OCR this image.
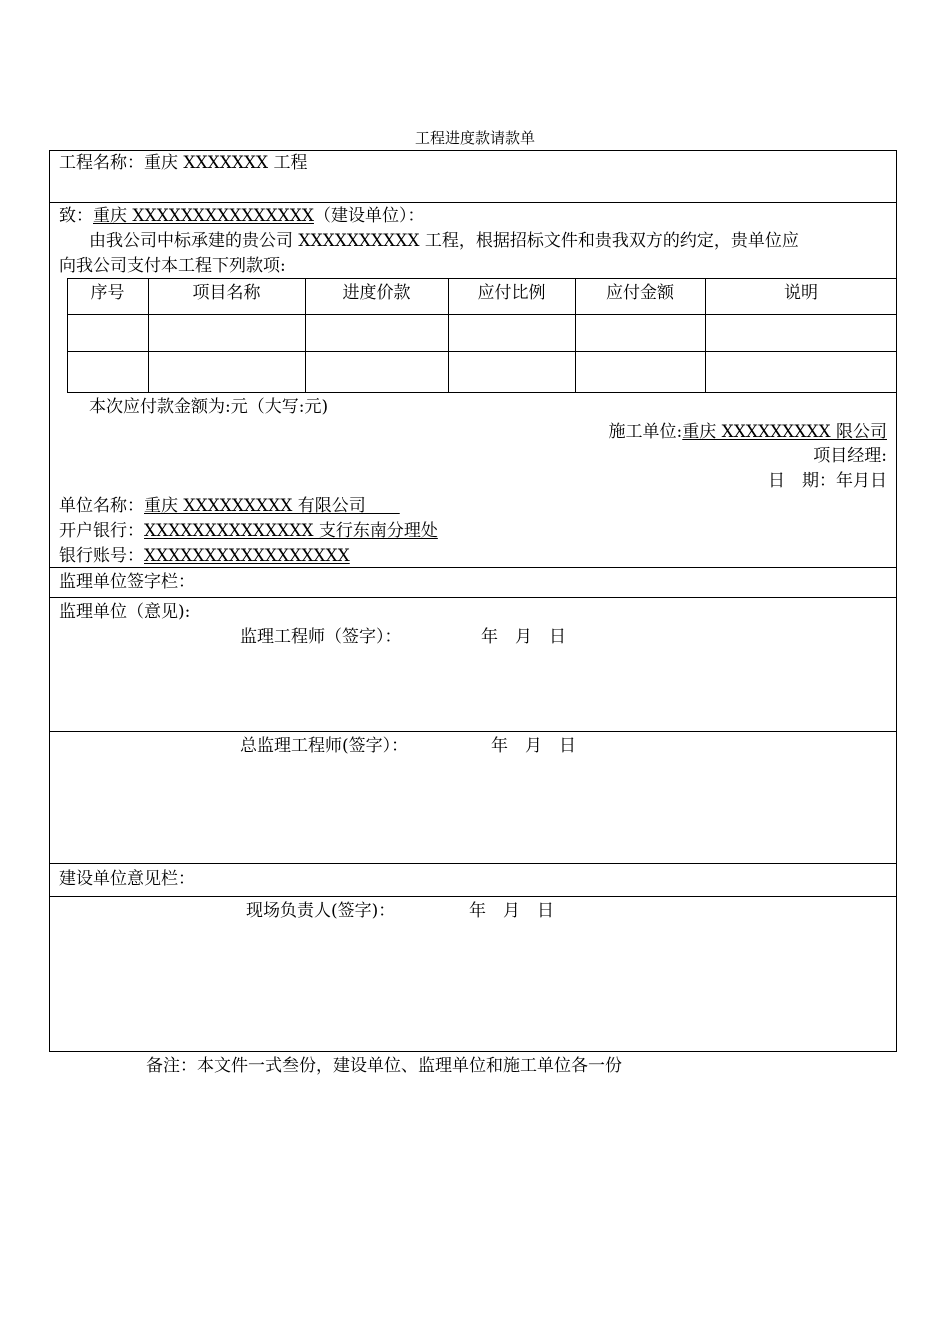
工程进度款请款单
工程名称：重庆 XXXXXXX 工程
致：重庆 XXXXXXXXXXXXXXX（建设单位）：
由我公司中标承建的贵公司 XXXXXXXXXX 工程，根据招标文件和贵我双方的约定，贵单位应
向我公司支付本工程下列款项:
序号	项目名称	进度价款	应付比例	应付金额	说明
本次应付款金额为:元（大写:元)
施工单位:重庆 XXXXXXXXX 限公司
项目经理:
日　期：年月日
单位名称：重庆 XXXXXXXXX 有限公司　　
开户银行：XXXXXXXXXXXXXX 支行东南分理处
银行账号：XXXXXXXXXXXXXXXXX
监理单位签字栏：
监理单位（意见):
监理工程师（签字）：	年　月　日
总监理工程师(签字）：	年　月　日
建设单位意见栏：
现场负责人(签字)：	年　月　日
备注：本文件一式叁份，建设单位、监理单位和施工单位各一份
